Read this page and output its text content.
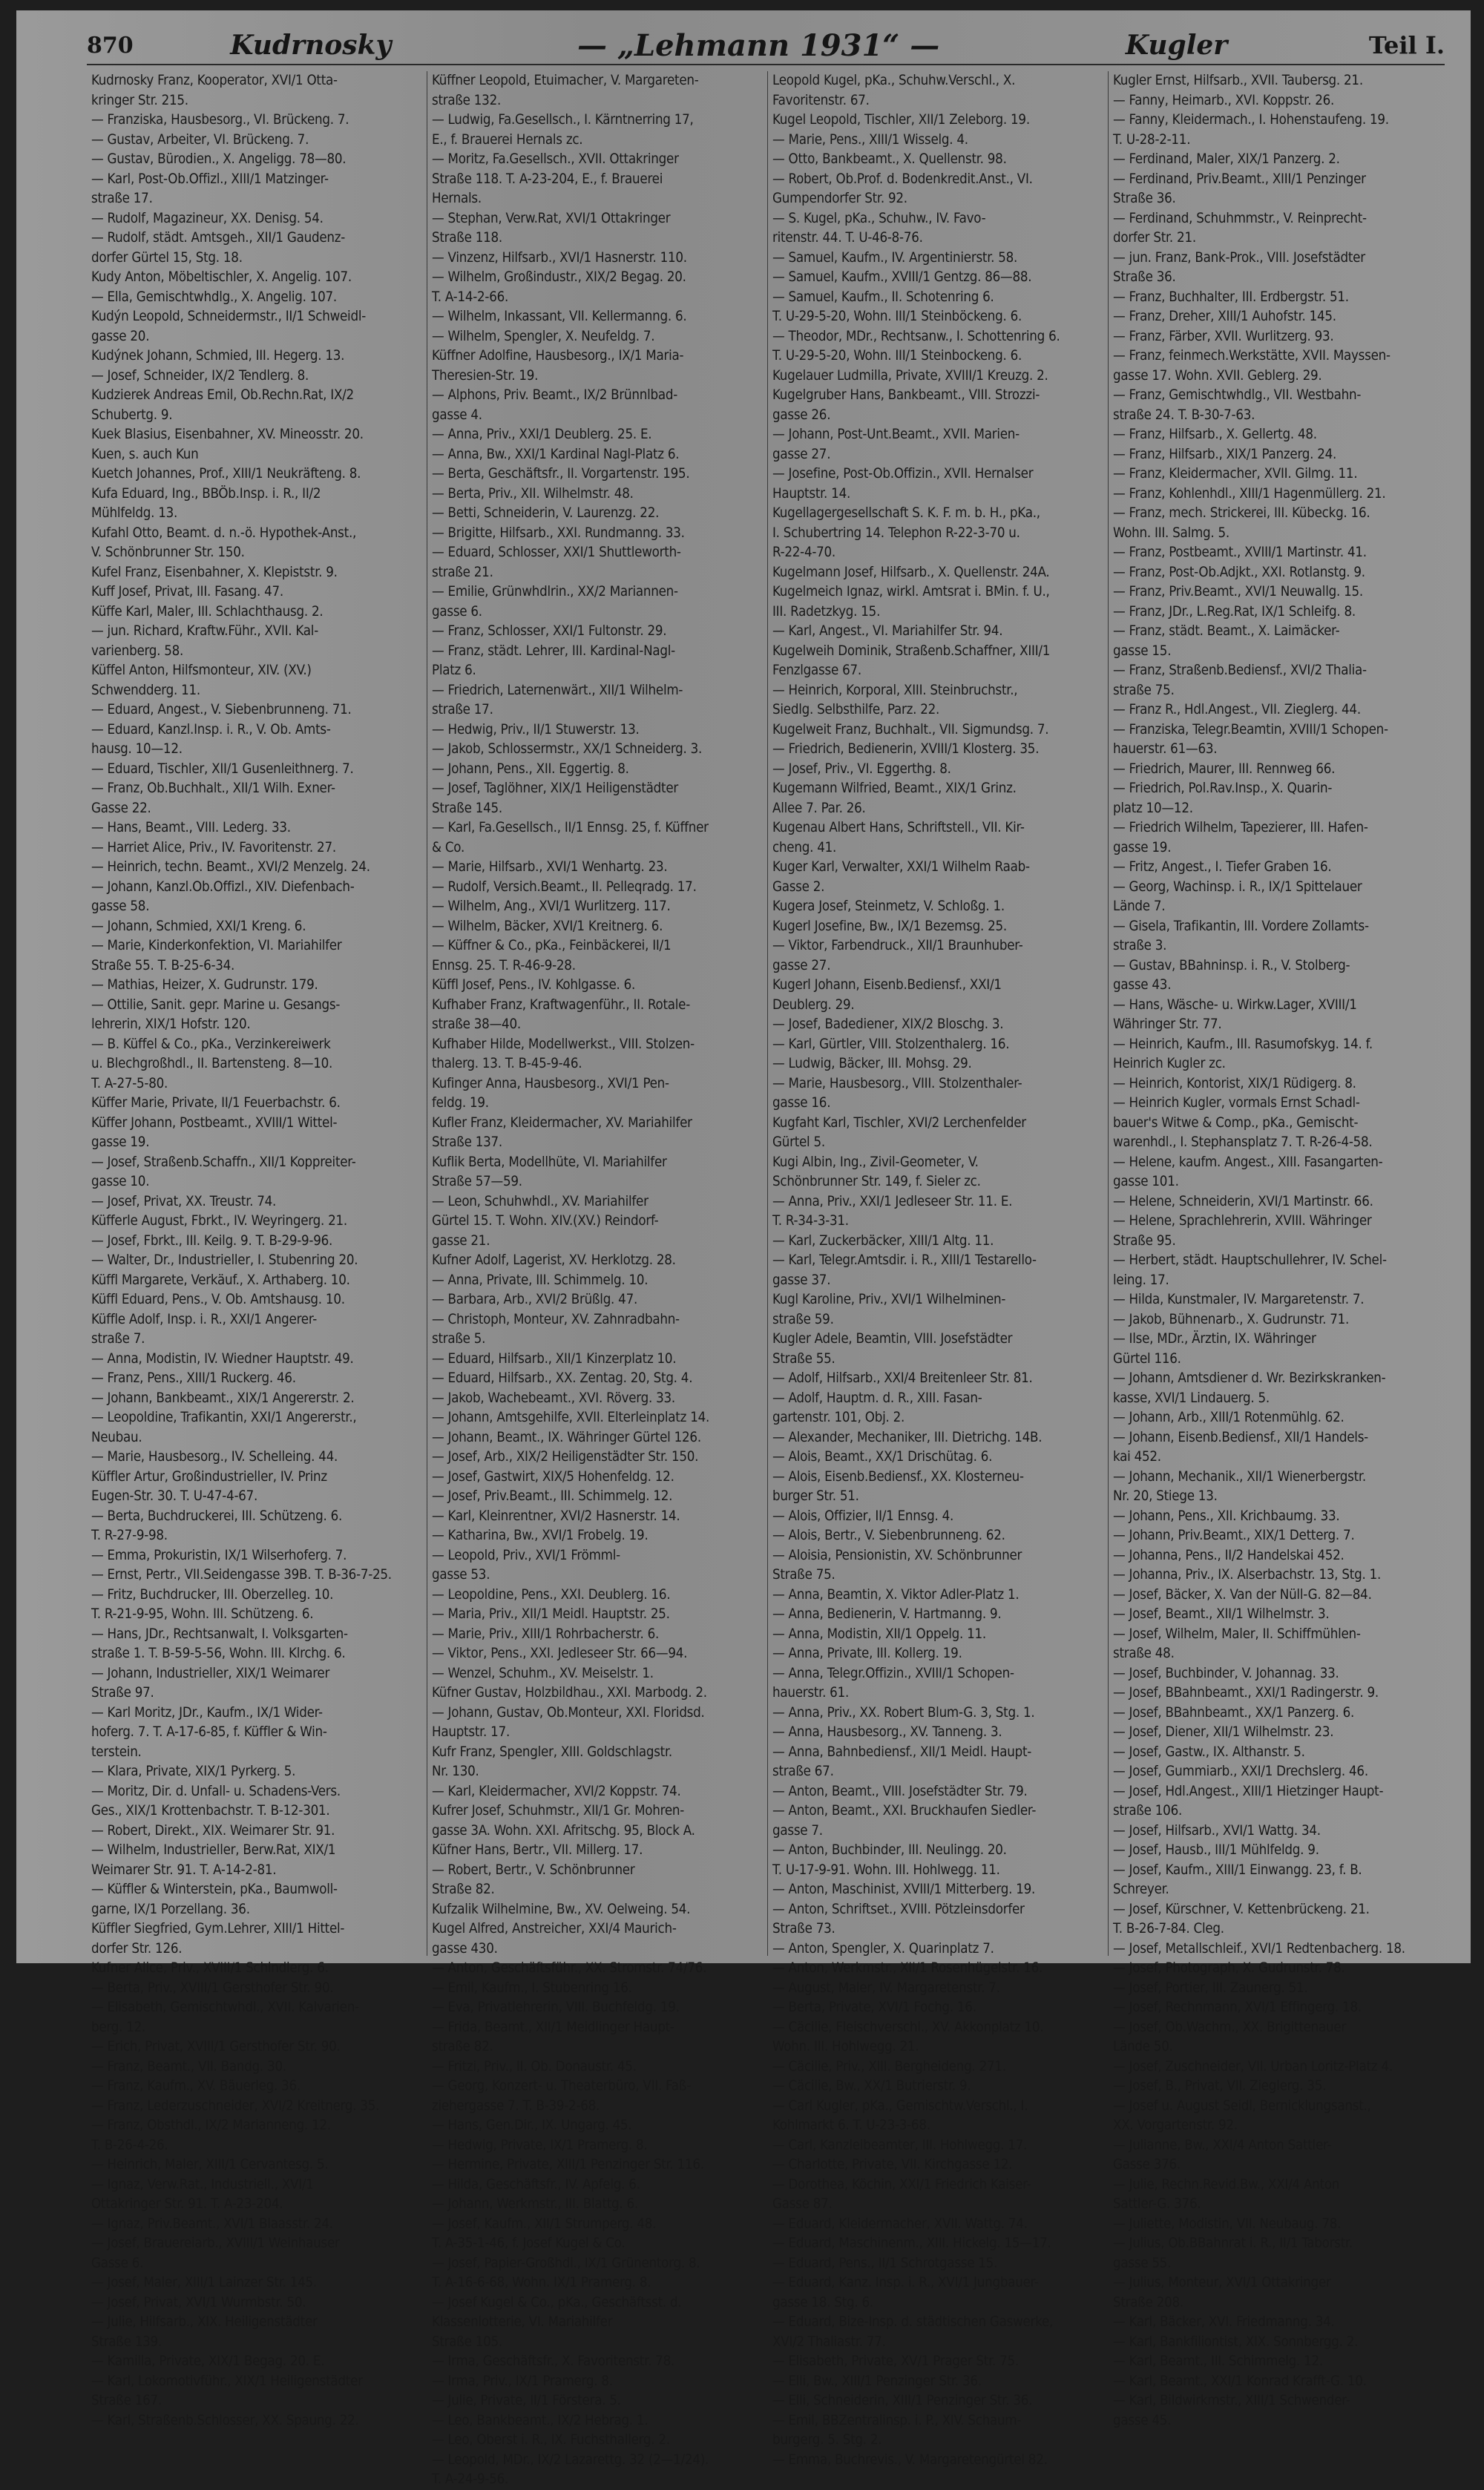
870	Kudrnosky	— „Lehmann 1931“ —	Kugler	Teil I.
Kudrnosky Franz, Kooperator, XVI/1 Otta-
kringer Str. 215.
— Franziska, Hausbesorg., VI. Brückeng. 7.
— Gustav, Arbeiter, VI. Brückeng. 7.
— Gustav, Bürodien., X. Angeligg. 78—80.
— Karl, Post-Ob.Offizl., XIII/1 Matzinger-
straße 17.
— Rudolf, Magazineur, XX. Denisg. 54.
— Rudolf, städt. Amtsgeh., XII/1 Gaudenz-
dorfer Gürtel 15, Stg. 18.
Kudy Anton, Möbeltischler, X. Angelig. 107.
— Ella, Gemischtwhdlg., X. Angelig. 107.
Kudýn Leopold, Schneidermstr., II/1 Schweidl-
gasse 20.
Kudýnek Johann, Schmied, III. Hegerg. 13.
— Josef, Schneider, IX/2 Tendlerg. 8.
Kudzierek Andreas Emil, Ob.Rechn.Rat, IX/2
Schubertg. 9.
Kuek Blasius, Eisenbahner, XV. Mineosstr. 20.
Kuen, s. auch Kun
Kuetch Johannes, Prof., XIII/1 Neukräfteng. 8.
Kufa Eduard, Ing., BBÖb.Insp. i. R., II/2
Mühlfeldg. 13.
Kufahl Otto, Beamt. d. n.-ö. Hypothek-Anst.,
V. Schönbrunner Str. 150.
Kufel Franz, Eisenbahner, X. Klepiststr. 9.
Kuff Josef, Privat, III. Fasang. 47.
Küffe Karl, Maler, III. Schlachthausg. 2.
— jun. Richard, Kraftw.Führ., XVII. Kal-
varienberg. 58.
Küffel Anton, Hilfsmonteur, XIV. (XV.)
Schwendderg. 11.
— Eduard, Angest., V. Siebenbrunneng. 71.
— Eduard, Kanzl.Insp. i. R., V. Ob. Amts-
hausg. 10—12.
— Eduard, Tischler, XII/1 Gusenleithnerg. 7.
— Franz, Ob.Buchhalt., XII/1 Wilh. Exner-
Gasse 22.
— Hans, Beamt., VIII. Lederg. 33.
— Harriet Alice, Priv., IV. Favoritenstr. 27.
— Heinrich, techn. Beamt., XVI/2 Menzelg. 24.
— Johann, Kanzl.Ob.Offizl., XIV. Diefenbach-
gasse 58.
— Johann, Schmied, XXI/1 Kreng. 6.
— Marie, Kinderkonfektion, VI. Mariahilfer
Straße 55. T. B-25-6-34.
— Mathias, Heizer, X. Gudrunstr. 179.
— Ottilie, Sanit. gepr. Marine u. Gesangs-
lehrerin, XIX/1 Hofstr. 120.
— B. Küffel & Co., pKa., Verzinkereiwerk
u. Blechgroßhdl., II. Bartensteng. 8—10.
T. A-27-5-80.
Küffer Marie, Private, II/1 Feuerbachstr. 6.
Küffer Johann, Postbeamt., XVIII/1 Wittel-
gasse 19.
— Josef, Straßenb.Schaffn., XII/1 Koppreiter-
gasse 10.
— Josef, Privat, XX. Treustr. 74.
Küfferle August, Fbrkt., IV. Weyringerg. 21.
— Josef, Fbrkt., III. Keilg. 9. T. B-29-9-96.
— Walter, Dr., Industrieller, I. Stubenring 20.
Küffl Margarete, Verkäuf., X. Arthaberg. 10.
Küffl Eduard, Pens., V. Ob. Amtshausg. 10.
Küffle Adolf, Insp. i. R., XXI/1 Angerer-
straße 7.
— Anna, Modistin, IV. Wiedner Hauptstr. 49.
— Franz, Pens., XIII/1 Ruckerg. 46.
— Johann, Bankbeamt., XIX/1 Angererstr. 2.
— Leopoldine, Trafikantin, XXI/1 Angererstr.,
Neubau.
— Marie, Hausbesorg., IV. Schelleing. 44.
Küffler Artur, Großindustrieller, IV. Prinz
Eugen-Str. 30. T. U-47-4-67.
— Berta, Buchdruckerei, III. Schützeng. 6.
T. R-27-9-98.
— Emma, Prokuristin, IX/1 Wilserhoferg. 7.
— Ernst, Pertr., VII.Seidengasse 39B. T. B-36-7-25.
— Fritz, Buchdrucker, III. Oberzelleg. 10.
T. R-21-9-95, Wohn. III. Schützeng. 6.
— Hans, JDr., Rechtsanwalt, I. Volksgarten-
straße 1. T. B-59-5-56, Wohn. III. Klrchg. 6.
— Johann, Industrieller, XIX/1 Weimarer
Straße 97.
— Karl Moritz, JDr., Kaufm., IX/1 Wider-
hoferg. 7. T. A-17-6-85, f. Küffler & Win-
terstein.
— Klara, Private, XIX/1 Pyrkerg. 5.
— Moritz, Dir. d. Unfall- u. Schadens-Vers.
Ges., XIX/1 Krottenbachstr. T. B-12-301.
— Robert, Direkt., XIX. Weimarer Str. 91.
— Wilhelm, Industrieller, Berw.Rat, XIX/1
Weimarer Str. 91. T. A-14-2-81.
— Küffler & Winterstein, pKa., Baumwoll-
garne, IX/1 Porzellang. 36.
Küffler Siegfried, Gym.Lehrer, XIII/1 Hittel-
dorfer Str. 126.
Kufner Alice, Priv., XVIII/1 Schindlerg. 6.
— Berta, Priv., XVIII/1 Gersthofer Str. 90.
— Elisabeth, Gemischtwhdl., XVII. Kalvarien-
berg. 12.
— Erich, Privat, XVIII/1 Gersthofer Str. 90.
— Franz, Beamt., VII. Bandg. 30.
— Franz, Kaufm., XV. Bäuerleg. 36.
— Franz, Lederzuschneider, XVI/2 Kreitnerg. 35.
— Franz, Obsthdl., IX/2 Marianneng. 12.
T. B-26-4-26.
— Heinrich, Maler, XIII/1 Cervantesg. 5.
— Ignaz, Verw.Rat., Industriell., XVI/1
Ottakringer Str. 91. T. A-23-204.
— Ignaz, Priv.Beamt., XVI/1 Blaasstr. 24.
— Josef, Brauereiarb., XVIII/1 Weinhauser
Gasse 6.
— Josef, Maler, XIII/1 Lainzer Str. 145.
— Josef, Privat, XVI/1 Wurmbstr. 50.
— Julie, Hilfsarb., XIX. Heiligenstädter
Straße 139.
— Kamilla, Private, XIX/1 Begag. 20. E.
— Karl, Lokomotivführ., XIX/1 Heiligenstädter
Straße 167.
— Karl, Straßenb.Schlosser, XX. Spaung. 22.
Küffner Leopold, Etuimacher, V. Margareten-
straße 132.
— Ludwig, Fa.Gesellsch., I. Kärntnerring 17,
E., f. Brauerei Hernals zc.
— Moritz, Fa.Gesellsch., XVII. Ottakringer
Straße 118. T. A-23-204, E., f. Brauerei
Hernals.
— Stephan, Verw.Rat, XVI/1 Ottakringer
Straße 118.
— Vinzenz, Hilfsarb., XVI/1 Hasnerstr. 110.
— Wilhelm, Großindustr., XIX/2 Begag. 20.
T. A-14-2-66.
— Wilhelm, Inkassant, VII. Kellermanng. 6.
— Wilhelm, Spengler, X. Neufeldg. 7.
Küffner Adolfine, Hausbesorg., IX/1 Maria-
Theresien-Str. 19.
— Alphons, Priv. Beamt., IX/2 Brünnlbad-
gasse 4.
— Anna, Priv., XXI/1 Deublerg. 25. E.
— Anna, Bw., XXI/1 Kardinal Nagl-Platz 6.
— Berta, Geschäftsfr., II. Vorgartenstr. 195.
— Berta, Priv., XII. Wilhelmstr. 48.
— Betti, Schneiderin, V. Laurenzg. 22.
— Brigitte, Hilfsarb., XXI. Rundmanng. 33.
— Eduard, Schlosser, XXI/1 Shuttleworth-
straße 21.
— Emilie, Grünwhdlrin., XX/2 Mariannen-
gasse 6.
— Franz, Schlosser, XXI/1 Fultonstr. 29.
— Franz, städt. Lehrer, III. Kardinal-Nagl-
Platz 6.
— Friedrich, Laternenwärt., XII/1 Wilhelm-
straße 17.
— Hedwig, Priv., II/1 Stuwerstr. 13.
— Jakob, Schlossermstr., XX/1 Schneiderg. 3.
— Johann, Pens., XII. Eggertig. 8.
— Josef, Taglöhner, XIX/1 Heiligenstädter
Straße 145.
— Karl, Fa.Gesellsch., II/1 Ennsg. 25, f. Küffner
& Co.
— Marie, Hilfsarb., XVI/1 Wenhartg. 23.
— Rudolf, Versich.Beamt., II. Pelleqradg. 17.
— Wilhelm, Ang., XVI/1 Wurlitzerg. 117.
— Wilhelm, Bäcker, XVI/1 Kreitnerg. 6.
— Küffner & Co., pKa., Feinbäckerei, II/1
Ennsg. 25. T. R-46-9-28.
Küffl Josef, Pens., IV. Kohlgasse. 6.
Kufhaber Franz, Kraftwagenführ., II. Rotale-
straße 38—40.
Kufhaber Hilde, Modellwerkst., VIII. Stolzen-
thalerg. 13. T. B-45-9-46.
Kufinger Anna, Hausbesorg., XVI/1 Pen-
feldg. 19.
Kufler Franz, Kleidermacher, XV. Mariahilfer
Straße 137.
Kuflik Berta, Modellhüte, VI. Mariahilfer
Straße 57—59.
— Leon, Schuhwhdl., XV. Mariahilfer
Gürtel 15. T. Wohn. XIV.(XV.) Reindorf-
gasse 21.
Kufner Adolf, Lagerist, XV. Herklotzg. 28.
— Anna, Private, III. Schimmelg. 10.
— Barbara, Arb., XVI/2 Brüßlg. 47.
— Christoph, Monteur, XV. Zahnradbahn-
straße 5.
— Eduard, Hilfsarb., XII/1 Kinzerplatz 10.
— Eduard, Hilfsarb., XX. Zentag. 20, Stg. 4.
— Jakob, Wachebeamt., XVI. Röverg. 33.
— Johann, Amtsgehilfe, XVII. Elterleinplatz 14.
— Johann, Beamt., IX. Währinger Gürtel 126.
— Josef, Arb., XIX/2 Heiligenstädter Str. 150.
— Josef, Gastwirt, XIX/5 Hohenfeldg. 12.
— Josef, Priv.Beamt., III. Schimmelg. 12.
— Karl, Kleinrentner, XVI/2 Hasnerstr. 14.
— Katharina, Bw., XVI/1 Frobelg. 19.
— Leopold, Priv., XVI/1 Frömml-
gasse 53.
— Leopoldine, Pens., XXI. Deublerg. 16.
— Maria, Priv., XII/1 Meidl. Hauptstr. 25.
— Marie, Priv., XIII/1 Rohrbacherstr. 6.
— Viktor, Pens., XXI. Jedleseer Str. 66—94.
— Wenzel, Schuhm., XV. Meiselstr. 1.
Küfner Gustav, Holzbildhau., XXI. Marbodg. 2.
— Johann, Gustav, Ob.Monteur, XXI. Floridsd.
Hauptstr. 17.
Kufr Franz, Spengler, XIII. Goldschlagstr.
Nr. 130.
— Karl, Kleidermacher, XVI/2 Koppstr. 74.
Kufrer Josef, Schuhmstr., XII/1 Gr. Mohren-
gasse 3A. Wohn. XXI. Afritschg. 95, Block A.
Küfner Hans, Bertr., VII. Millerg. 17.
— Robert, Bertr., V. Schönbrunner
Straße 82.
Kufzalik Wilhelmine, Bw., XV. Oelweing. 54.
Kugel Alfred, Anstreicher, XXI/4 Maurich-
gasse 430.
— Anton, Geschäftsführ., XX. Stromstr. 74/76.
— Emil, Kaufm., I. Stubenring 16.
— Eva, Privatlehrerin, VIII. Buchfeldg. 19.
— Frida, Beamt., XII/1 Meidlinger Haupt-
straße 82.
— Fritzi, Priv., II. Ob. Donaustr. 45.
— Georg, Konzert- u. Theaterbüro, VII. Faß-
ziehergasse 7. T. B-39-2-68.
— Hans, Gen.Dir., IX. Ungarg. 45.
— Hedwig, Private, IX/1 Pramerg. 8.
— Hermine, Private, XIII/1 Penzinger Str. 116.
— Hilda, Geschäftsfr., IV. Apfelg. 6.
— Johann, Werkmstr., III. Blattg. 6.
— Josef, Kaufm., XII/1 Strumperg. 48.
T. A-35-1-46, f. Josef Kugel & Co.
— Josef, Papier-Großhdl., IX/1 Grünentorg. 8.
T. A-16-6-68, Wohn. IX/1 Pramerg. 8.
— Josef Kugel & Co., pKa., Geschäftsst. d.
Klassenlotterie, VI. Mariahilfer
Straße 105.
— Irma, Geschäftsfr., X. Favoritenstr. 78.
— Irma, Priv., IX/1 Pramerg. 8.
— Julie, Private, II/1 Förstera. 5.
— Leo, Bankbeamt., IX/2 Hebrag. 1.
— Leo, Oberst i. R., IX. Fuchsthallerg. 2.
— Leopold, MDr., IX/2 Lazarettg. 32 (2—1/24).
T. A-24-9-56.
Leopold Kugel, pKa., Schuhw.Verschl., X.
Favoritenstr. 67.
Kugel Leopold, Tischler, XII/1 Zeleborg. 19.
— Marie, Pens., XIII/1 Wisselg. 4.
— Otto, Bankbeamt., X. Quellenstr. 98.
— Robert, Ob.Prof. d. Bodenkredit.Anst., VI.
Gumpendorfer Str. 92.
— S. Kugel, pKa., Schuhw., IV. Favo-
ritenstr. 44. T. U-46-8-76.
— Samuel, Kaufm., IV. Argentinierstr. 58.
— Samuel, Kaufm., XVIII/1 Gentzg. 86—88.
— Samuel, Kaufm., II. Schotenring 6.
T. U-29-5-20, Wohn. III/1 Steinböckeng. 6.
— Theodor, MDr., Rechtsanw., I. Schottenring 6.
T. U-29-5-20, Wohn. III/1 Steinbockeng. 6.
Kugelauer Ludmilla, Private, XVIII/1 Kreuzg. 2.
Kugelgruber Hans, Bankbeamt., VIII. Strozzi-
gasse 26.
— Johann, Post-Unt.Beamt., XVII. Marien-
gasse 27.
— Josefine, Post-Ob.Offizin., XVII. Hernalser
Hauptstr. 14.
Kugellagergesellschaft S. K. F. m. b. H., pKa.,
I. Schubertring 14. Telephon R-22-3-70 u.
R-22-4-70.
Kugelmann Josef, Hilfsarb., X. Quellenstr. 24A.
Kugelmeich Ignaz, wirkl. Amtsrat i. BMin. f. U.,
III. Radetzkyg. 15.
— Karl, Angest., VI. Mariahilfer Str. 94.
Kugelweih Dominik, Straßenb.Schaffner, XIII/1
Fenzlgasse 67.
— Heinrich, Korporal, XIII. Steinbruchstr.,
Siedlg. Selbsthilfe, Parz. 22.
Kugelweit Franz, Buchhalt., VII. Sigmundsg. 7.
— Friedrich, Bedienerin, XVIII/1 Klosterg. 35.
— Josef, Priv., VI. Eggerthg. 8.
Kugemann Wilfried, Beamt., XIX/1 Grinz.
Allee 7. Par. 26.
Kugenau Albert Hans, Schriftstell., VII. Kir-
cheng. 41.
Kuger Karl, Verwalter, XXI/1 Wilhelm Raab-
Gasse 2.
Kugera Josef, Steinmetz, V. Schloßg. 1.
Kugerl Josefine, Bw., IX/1 Bezemsg. 25.
— Viktor, Farbendruck., XII/1 Braunhuber-
gasse 27.
Kugerl Johann, Eisenb.Bediensf., XXI/1
Deublerg. 29.
— Josef, Badediener, XIX/2 Bloschg. 3.
— Karl, Gürtler, VIII. Stolzenthalerg. 16.
— Ludwig, Bäcker, III. Mohsg. 29.
— Marie, Hausbesorg., VIII. Stolzenthaler-
gasse 16.
Kugfaht Karl, Tischler, XVI/2 Lerchenfelder
Gürtel 5.
Kugi Albin, Ing., Zivil-Geometer, V.
Schönbrunner Str. 149, f. Sieler zc.
— Anna, Priv., XXI/1 Jedleseer Str. 11. E.
T. R-34-3-31.
— Karl, Zuckerbäcker, XIII/1 Altg. 11.
— Karl, Telegr.Amtsdir. i. R., XIII/1 Testarello-
gasse 37.
Kugl Karoline, Priv., XVI/1 Wilhelminen-
straße 59.
Kugler Adele, Beamtin, VIII. Josefstädter
Straße 55.
— Adolf, Hilfsarb., XXI/4 Breitenleer Str. 81.
— Adolf, Hauptm. d. R., XIII. Fasan-
gartenstr. 101, Obj. 2.
— Alexander, Mechaniker, III. Dietrichg. 14B.
— Alois, Beamt., XX/1 Drischütag. 6.
— Alois, Eisenb.Bediensf., XX. Klosterneu-
burger Str. 51.
— Alois, Offizier, II/1 Ennsg. 4.
— Alois, Bertr., V. Siebenbrunneng. 62.
— Aloisia, Pensionistin, XV. Schönbrunner
Straße 75.
— Anna, Beamtin, X. Viktor Adler-Platz 1.
— Anna, Bedienerin, V. Hartmanng. 9.
— Anna, Modistin, XII/1 Oppelg. 11.
— Anna, Private, III. Kollerg. 19.
— Anna, Telegr.Offizin., XVIII/1 Schopen-
hauerstr. 61.
— Anna, Priv., XX. Robert Blum-G. 3, Stg. 1.
— Anna, Hausbesorg., XV. Tanneng. 3.
— Anna, Bahnbediensf., XII/1 Meidl. Haupt-
straße 67.
— Anton, Beamt., VIII. Josefstädter Str. 79.
— Anton, Beamt., XXI. Bruckhaufen Siedler-
gasse 7.
— Anton, Buchbinder, III. Neulingg. 20.
T. U-17-9-91. Wohn. III. Hohlwegg. 11.
— Anton, Maschinist, XVIII/1 Mitterberg. 19.
— Anton, Schriftset., XVIII. Pötzleinsdorfer
Straße 73.
— Anton, Spengler, X. Quarinplatz 7.
— Anton, Werkmstr., XII/1 Rosenhügelstr. 16.
— August, Maler, IV. Margaretenstr. 7.
— Berta, Private, XVI/1 Fochg. 16.
— Cäcilie, Fleischverschl., XV. Akkonplatz 10.
Wohn. III. Hohlwegg. 21.
— Cäcilie, Priv., XIII. Bergheideng. 271.
— Cäcilie, Bw., XX/1 Butrierstr. 9.
— Carl Kugler, pKa., Gemischtw.Verschl., I.
Kohlmarkt 6. T. U-23-3-68.
— Carl, Kanzleibeamter, III. Hohlwegg. 17.
— Charlotte, Private, VII. Kirchgasse 12.
— Dorothea, Köchin, XXI/1 Friedrich Kaiser-
Gasse 87.
— Eduard, Kleidermacher, XVII. Wattg. 74.
— Eduard, Maschinenm., XIII. Hickelg. 15—17.
— Eduard, Pens., II/1 Schrotgasse 15.
— Eduard, Kanz. Insp. i. R., XVI/1 Jungbauer-
gasse 18. Stg. 6.
— Eduard, Bize-Insp. d. städtischen Gaswerke,
XVI/2 Thaliastr. 77.
— Elisabeth, Private, XV/1 Prager Str. 75.
— Elli, Bw., XIII/1 Penzinger Str. 36.
— Elli, Schneiderin, XIII/1 Penzinger Str. 36.
— Emil, BBZentralinsp. i. P., XIV. Schaum-
burgerg. 5. Stg. 2.
— Emma, Buchrevis., V. Margaretengürtel 82.
Kugler Ernst, Hilfsarb., XVII. Taubersg. 21.
— Fanny, Heimarb., XVI. Koppstr. 26.
— Fanny, Kleidermach., I. Hohenstaufeng. 19.
T. U-28-2-11.
— Ferdinand, Maler, XIX/1 Panzerg. 2.
— Ferdinand, Priv.Beamt., XIII/1 Penzinger
Straße 36.
— Ferdinand, Schuhmmstr., V. Reinprecht-
dorfer Str. 21.
— jun. Franz, Bank-Prok., VIII. Josefstädter
Straße 36.
— Franz, Buchhalter, III. Erdbergstr. 51.
— Franz, Dreher, XIII/1 Auhofstr. 145.
— Franz, Färber, XVII. Wurlitzerg. 93.
— Franz, feinmech.Werkstätte, XVII. Mayssen-
gasse 17. Wohn. XVII. Geblerg. 29.
— Franz, Gemischtwhdlg., VII. Westbahn-
straße 24. T. B-30-7-63.
— Franz, Hilfsarb., X. Gellertg. 48.
— Franz, Hilfsarb., XIX/1 Panzerg. 24.
— Franz, Kleidermacher, XVII. Gilmg. 11.
— Franz, Kohlenhdl., XIII/1 Hagenmüllerg. 21.
— Franz, mech. Strickerei, III. Kübeckg. 16.
Wohn. III. Salmg. 5.
— Franz, Postbeamt., XVIII/1 Martinstr. 41.
— Franz, Post-Ob.Adjkt., XXI. Rotlanstg. 9.
— Franz, Priv.Beamt., XVI/1 Neuwallg. 15.
— Franz, JDr., L.Reg.Rat, IX/1 Schleifg. 8.
— Franz, städt. Beamt., X. Laimäcker-
gasse 15.
— Franz, Straßenb.Bediensf., XVI/2 Thalia-
straße 75.
— Franz R., Hdl.Angest., VII. Zieglerg. 44.
— Franziska, Telegr.Beamtin, XVIII/1 Schopen-
hauerstr. 61—63.
— Friedrich, Maurer, III. Rennweg 66.
— Friedrich, Pol.Rav.Insp., X. Quarin-
platz 10—12.
— Friedrich Wilhelm, Tapezierer, III. Hafen-
gasse 19.
— Fritz, Angest., I. Tiefer Graben 16.
— Georg, Wachinsp. i. R., IX/1 Spittelauer
Lände 7.
— Gisela, Trafikantin, III. Vordere Zollamts-
straße 3.
— Gustav, BBahninsp. i. R., V. Stolberg-
gasse 43.
— Hans, Wäsche- u. Wirkw.Lager, XVIII/1
Währinger Str. 77.
— Heinrich, Kaufm., III. Rasumofskyg. 14. f.
Heinrich Kugler zc.
— Heinrich, Kontorist, XIX/1 Rüdigerg. 8.
— Heinrich Kugler, vormals Ernst Schadl-
bauer's Witwe & Comp., pKa., Gemischt-
warenhdl., I. Stephansplatz 7. T. R-26-4-58.
— Helene, kaufm. Angest., XIII. Fasangarten-
gasse 101.
— Helene, Schneiderin, XVI/1 Martinstr. 66.
— Helene, Sprachlehrerin, XVIII. Währinger
Straße 95.
— Herbert, städt. Hauptschullehrer, IV. Schel-
leing. 17.
— Hilda, Kunstmaler, IV. Margaretenstr. 7.
— Jakob, Bühnenarb., X. Gudrunstr. 71.
— Ilse, MDr., Ärztin, IX. Währinger
Gürtel 116.
— Johann, Amtsdiener d. Wr. Bezirkskranken-
kasse, XVI/1 Lindauerg. 5.
— Johann, Arb., XIII/1 Rotenmühlg. 62.
— Johann, Eisenb.Bediensf., XII/1 Handels-
kai 452.
— Johann, Mechanik., XII/1 Wienerbergstr.
Nr. 20, Stiege 13.
— Johann, Pens., XII. Krichbaumg. 33.
— Johann, Priv.Beamt., XIX/1 Detterg. 7.
— Johanna, Pens., II/2 Handelskai 452.
— Johanna, Priv., IX. Alserbachstr. 13, Stg. 1.
— Josef, Bäcker, X. Van der Nüll-G. 82—84.
— Josef, Beamt., XII/1 Wilhelmstr. 3.
— Josef, Wilhelm, Maler, II. Schiffmühlen-
straße 48.
— Josef, Buchbinder, V. Johannag. 33.
— Josef, BBahnbeamt., XXI/1 Radingerstr. 9.
— Josef, BBahnbeamt., XX/1 Panzerg. 6.
— Josef, Diener, XII/1 Wilhelmstr. 23.
— Josef, Gastw., IX. Althanstr. 5.
— Josef, Gummiarb., XXI/1 Drechslerg. 46.
— Josef, Hdl.Angest., XIII/1 Hietzinger Haupt-
straße 106.
— Josef, Hilfsarb., XVI/1 Wattg. 34.
— Josef, Hausb., III/1 Mühlfeldg. 9.
— Josef, Kaufm., XIII/1 Einwangg. 23, f. B.
Schreyer.
— Josef, Kürschner, V. Kettenbrückeng. 21.
T. B-26-7-84. Cleg.
— Josef, Metallschleif., XVI/1 Redtenbacherg. 18.
— Josef, Photograph, X. Gudrunstr. 78.
— Josef, Portier, III. Zaunerg. 51.
— Josef, Rechnmann, XVI/1 Effingerg. 18.
— Josef, Ob.Wachm., XX. Brigittenauer
Lände 50.
— Josef, Zuschneider, VII. Urban Loritz-Platz 4.
— Josef, B., Privat, VII. Zieglerg. 35.
— Josef u. August Seidl, Bernicklungsanst.,
XX. Vorgartenstr. 92.
— Julianne, Bw., XXI/4 Anton Sattler-
Gasse 376.
— Julie, Rechn.Revid.Bw., XXI/4 Anton
Sattler-G. 376.
— Juliette, Modistin, VII. Neubaug. 78.
— Julius, Ob.BBahnrat i. R., II/1 Taborstr.
gasse 55.
— Julius, Monteur, XVI/1 Ottakringer
Straße 208.
— Karl, Bäcker, XVI. Friedmanng. 34.
— Karl, Bankfiliontist, XIX. Sonnbergg. 2.
— Karl, Beamt., III. Schimmelg. 12.
— Karl, Beamt., XXI/1 Konrad Krafft-G. 10.
— Karl, Bildwirkmstr., XIII/1 Schwender-
gasse 45.
